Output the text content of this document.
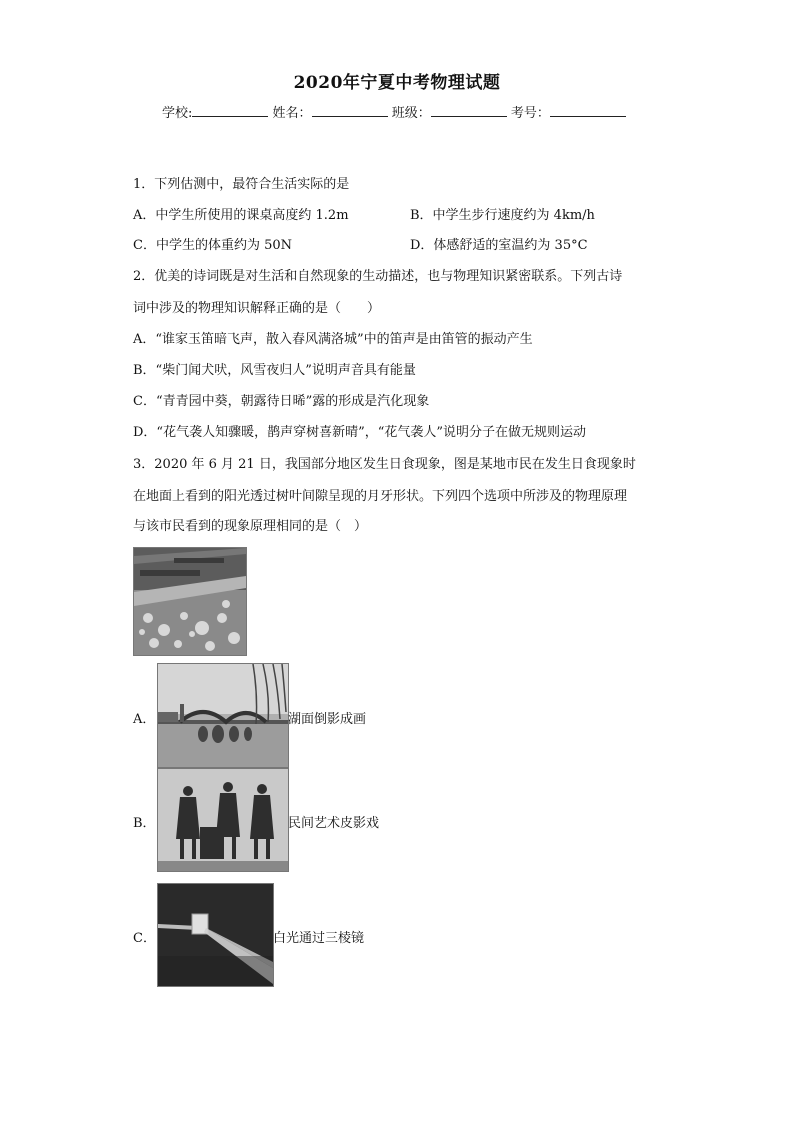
2020年宁夏中考物理试题
学校:	姓名：	班级：	考号：
1．下列估测中，最符合生活实际的是
A．中学生所使用的课桌高度约 1.2m	B．中学生步行速度约为 4km/h
C．中学生的体重约为 50N	D．体感舒适的室温约为 35°C
2．优美的诗词既是对生活和自然现象的生动描述，也与物理知识紧密联系。下列古诗
词中涉及的物理知识解释正确的是（　　）
A．“谁家玉笛暗飞声，散入春风满洛城”中的笛声是由笛管的振动产生
B．“柴门闻犬吠，风雪夜归人”说明声音具有能量
C．“青青园中葵，朝露待日晞”露的形成是汽化现象
D．“花气袭人知骤暖，鹊声穿树喜新晴”，“花气袭人”说明分子在做无规则运动
3．2020 年 6 月 21 日，我国部分地区发生日食现象，图是某地市民在发生日食现象时
在地面上看到的阳光透过树叶间隙呈现的月牙形状。下列四个选项中所涉及的物理原理
与该市民看到的现象原理相同的是（　）
A．	湖面倒影成画
B．	民间艺术皮影戏
C．	白光通过三棱镜
